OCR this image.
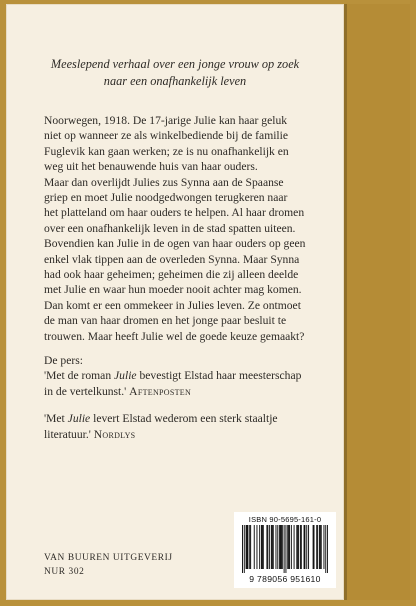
Meeslepend verhaal over een jonge vrouw op zoek
naar een onafhankelijk leven
Noorwegen, 1918. De 17-jarige Julie kan haar geluk
niet op wanneer ze als winkelbediende bij de familie
Fuglevik kan gaan werken; ze is nu onafhankelijk en
weg uit het benauwende huis van haar ouders.
Maar dan overlijdt Julies zus Synna aan de Spaanse
griep en moet Julie noodgedwongen terugkeren naar
het platteland om haar ouders te helpen. Al haar dromen
over een onafhankelijk leven in de stad spatten uiteen.
Bovendien kan Julie in de ogen van haar ouders op geen
enkel vlak tippen aan de overleden Synna. Maar Synna
had ook haar geheimen; geheimen die zij alleen deelde
met Julie en waar hun moeder nooit achter mag komen.
Dan komt er een ommekeer in Julies leven. Ze ontmoet
de man van haar dromen en het jonge paar besluit te
trouwen. Maar heeft Julie wel de goede keuze gemaakt?
De pers:
'Met de roman Julie bevestigt Elstad haar meesterschap
in de vertelkunst.' Aftenposten
'Met Julie levert Elstad wederom een sterk staaltje
literatuur.' Nordlys
VAN BUUREN UITGEVERIJ
NUR 302
ISBN 90-5695-161-0
9 789056 951610
